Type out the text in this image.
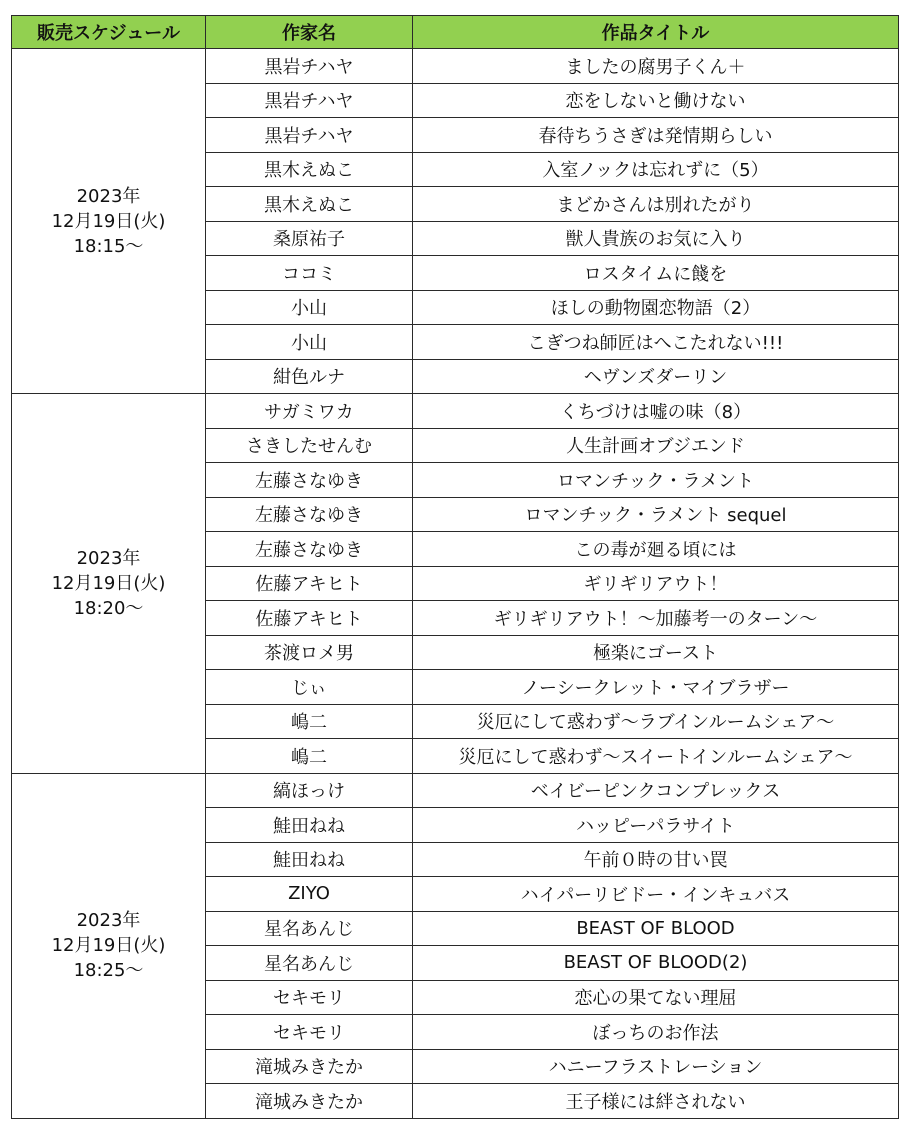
販売スケジュール	作家名	作品タイトル

2023年
12月19日(火)
18:15～	黒岩チハヤ	ましたの腐男子くん＋
	黒岩チハヤ	恋をしないと働けない
	黒岩チハヤ	春待ちうさぎは発情期らしい
	黒木えぬこ	入室ノックは忘れずに（5）
	黒木えぬこ	まどかさんは別れたがり
	桑原祐子	獣人貴族のお気に入り
	ココミ	ロスタイムに餞を
	小山	ほしの動物園恋物語（2）
	小山	こぎつね師匠はへこたれない!!!
	紺色ルナ	ヘヴンズダーリン

2023年
12月19日(火)
18:20～	サガミワカ	くちづけは嘘の味（8）
	さきしたせんむ	人生計画オブジエンド
	左藤さなゆき	ロマンチック・ラメント
	左藤さなゆき	ロマンチック・ラメント sequel
	左藤さなゆき	この毒が廻る頃には
	佐藤アキヒト	ギリギリアウト！
	佐藤アキヒト	ギリギリアウト！～加藤考一のターン～
	茶渡ロメ男	極楽にゴースト
	じぃ	ノーシークレット・マイブラザー
	嶋二	災厄にして惑わず～ラブインルームシェア～
	嶋二	災厄にして惑わず～スイートインルームシェア～

2023年
12月19日(火)
18:25～	縞ほっけ	ベイビーピンクコンプレックス
	鮭田ねね	ハッピーパラサイト
	鮭田ねね	午前０時の甘い罠
	ZIYO	ハイパーリビドー・インキュバス
	星名あんじ	BEAST OF BLOOD
	星名あんじ	BEAST OF BLOOD(2)
	セキモリ	恋心の果てない理屈
	セキモリ	ぼっちのお作法
	滝城みきたか	ハニーフラストレーション
	滝城みきたか	王子様には絆されない
